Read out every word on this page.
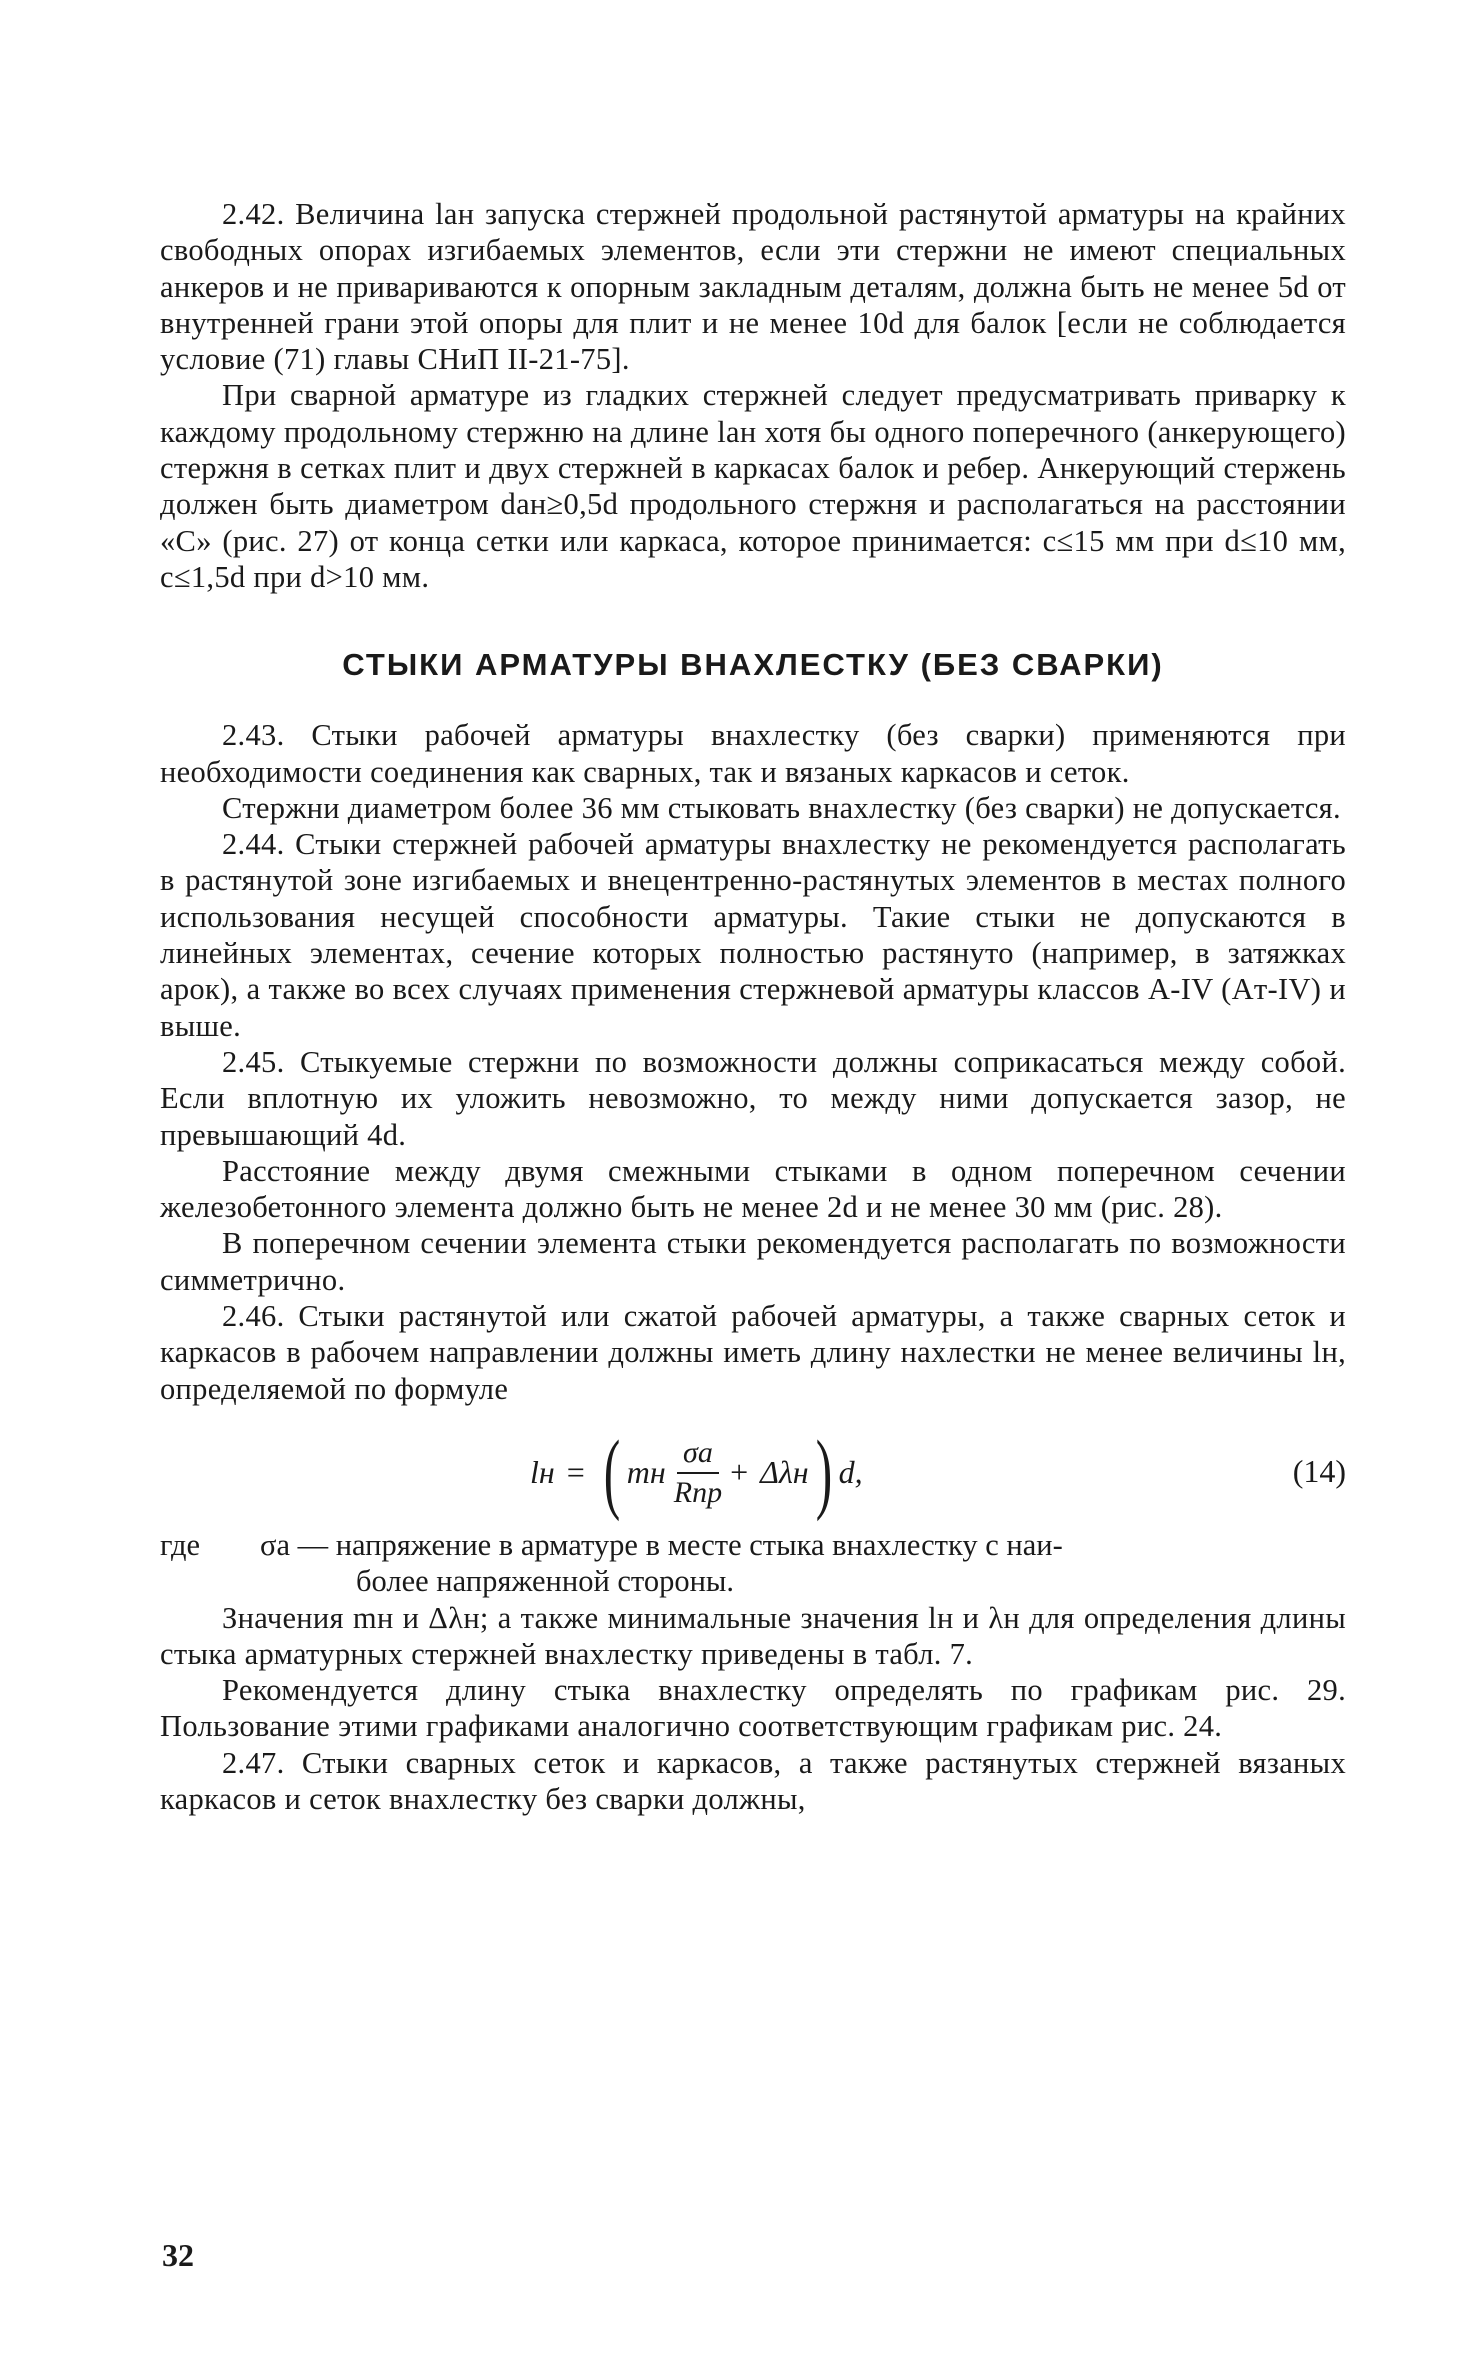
2.42. Величина lан запуска стержней продольной растянутой арматуры на крайних свободных опорах изгибаемых элементов, если эти стержни не имеют специальных анкеров и не привариваются к опорным закладным деталям, должна быть не менее 5d от внутренней грани этой опоры для плит и не менее 10d для балок [если не соблюдается условие (71) главы СНиП II-21-75].

При сварной арматуре из гладких стержней следует предусматривать приварку к каждому продольному стержню на длине lан хотя бы одного поперечного (анкерующего) стержня в сетках плит и двух стержней в каркасах балок и ребер. Анкерующий стержень должен быть диаметром dан≥0,5d продольного стержня и располагаться на расстоянии «C» (рис. 27) от конца сетки или каркаса, которое принимается: c≤15 мм при d≤10 мм, c≤1,5d при d>10 мм.

СТЫКИ АРМАТУРЫ ВНАХЛЕСТКУ (БЕЗ СВАРКИ)

2.43. Стыки рабочей арматуры внахлестку (без сварки) применяются при необходимости соединения как сварных, так и вязаных каркасов и сеток.

Стержни диаметром более 36 мм стыковать внахлестку (без сварки) не допускается.

2.44. Стыки стержней рабочей арматуры внахлестку не рекомендуется располагать в растянутой зоне изгибаемых и внецентренно-растянутых элементов в местах полного использования несущей способности арматуры. Такие стыки не допускаются в линейных элементах, сечение которых полностью растянуто (например, в затяжках арок), а также во всех случаях применения стержневой арматуры классов A-IV (Aт-IV) и выше.

2.45. Стыкуемые стержни по возможности должны соприкасаться между собой. Если вплотную их уложить невозможно, то между ними допускается зазор, не превышающий 4d.

Расстояние между двумя смежными стыками в одном поперечном сечении железобетонного элемента должно быть не менее 2d и не менее 30 мм (рис. 28).

В поперечном сечении элемента стыки рекомендуется располагать по возможности симметрично.

2.46. Стыки растянутой или сжатой рабочей арматуры, а также сварных сеток и каркасов в рабочем направлении должны иметь длину нахлестки не менее величины lн, определяемой по формуле

lн = ( mн $\frac{\sigma а}{\text{Rпр}} + \Delta\lambda н$ ) d,	(14)
где	σа — напряжение в арматуре в месте стыка внахлестку с наи-
более напряженной стороны.

Значения mн и Δλн; а также минимальные значения lн и λн для определения длины стыка арматурных стержней внахлестку приведены в табл. 7.

Рекомендуется длину стыка внахлестку определять по графикам рис. 29. Пользование этими графиками аналогично соответствующим графикам рис. 24.

2.47. Стыки сварных сеток и каркасов, а также растянутых стержней вязаных каркасов и сеток внахлестку без сварки должны,

32
